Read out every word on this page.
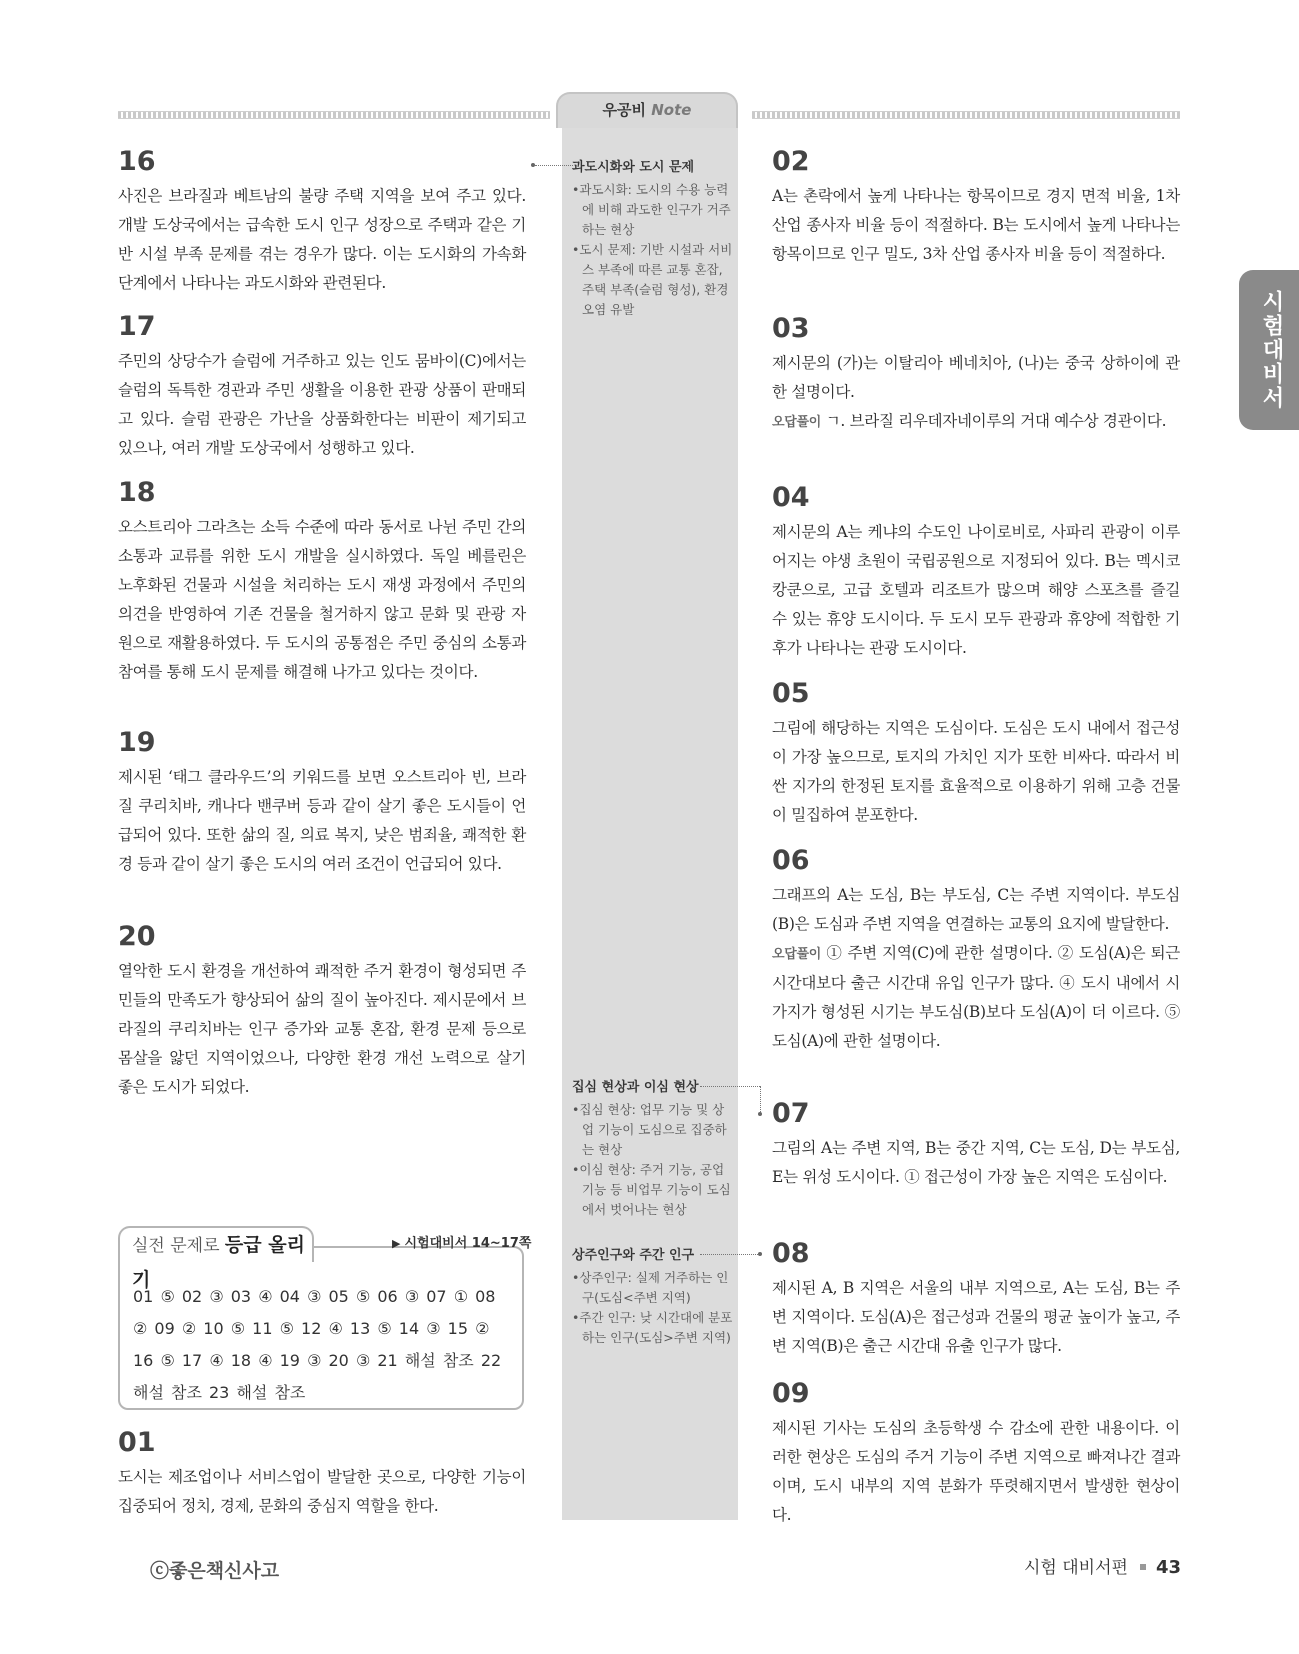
우공비 Note
과도시화와 도시 문제
•과도시화: 도시의 수용 능력에 비해 과도한 인구가 거주하는 현상
•도시 문제: 기반 시설과 서비스 부족에 따른 교통 혼잡, 주택 부족(슬럼 형성), 환경 오염 유발
집심 현상과 이심 현상
•집심 현상: 업무 기능 및 상업 기능이 도심으로 집중하는 현상
•이심 현상: 주거 기능, 공업 기능 등 비업무 기능이 도심에서 벗어나는 현상
상주인구와 주간 인구
•상주인구: 실제 거주하는 인구(도심<주변 지역)
•주간 인구: 낮 시간대에 분포하는 인구(도심>주변 지역)
시험대비서
16
사진은 브라질과 베트남의 불량 주택 지역을 보여 주고 있다. 개발 도상국에서는 급속한 도시 인구 성장으로 주택과 같은 기반 시설 부족 문제를 겪는 경우가 많다. 이는 도시화의 가속화 단계에서 나타나는 과도시화와 관련된다.
17
주민의 상당수가 슬럼에 거주하고 있는 인도 뭄바이(C)에서는 슬럼의 독특한 경관과 주민 생활을 이용한 관광 상품이 판매되고 있다. 슬럼 관광은 가난을 상품화한다는 비판이 제기되고 있으나, 여러 개발 도상국에서 성행하고 있다.
18
오스트리아 그라츠는 소득 수준에 따라 동서로 나뉜 주민 간의 소통과 교류를 위한 도시 개발을 실시하였다. 독일 베를린은 노후화된 건물과 시설을 처리하는 도시 재생 과정에서 주민의 의견을 반영하여 기존 건물을 철거하지 않고 문화 및 관광 자원으로 재활용하였다. 두 도시의 공통점은 주민 중심의 소통과 참여를 통해 도시 문제를 해결해 나가고 있다는 것이다.
19
제시된 ‘태그 클라우드’의 키워드를 보면 오스트리아 빈, 브라질 쿠리치바, 캐나다 밴쿠버 등과 같이 살기 좋은 도시들이 언급되어 있다. 또한 삶의 질, 의료 복지, 낮은 범죄율, 쾌적한 환경 등과 같이 살기 좋은 도시의 여러 조건이 언급되어 있다.
20
열악한 도시 환경을 개선하여 쾌적한 주거 환경이 형성되면 주민들의 만족도가 향상되어 삶의 질이 높아진다. 제시문에서 브라질의 쿠리치바는 인구 증가와 교통 혼잡, 환경 문제 등으로 몸살을 앓던 지역이었으나, 다양한 환경 개선 노력으로 살기 좋은 도시가 되었다.
실전 문제로 등급 올리기
▶ 시험대비서 14~17쪽
01 ⑤ 02 ③ 03 ④ 04 ③ 05 ⑤ 06 ③ 07 ① 08 ② 09 ② 10 ⑤ 11 ⑤ 12 ④ 13 ⑤ 14 ③ 15 ② 16 ⑤ 17 ④ 18 ④ 19 ③ 20 ③ 21 해설 참조 22 해설 참조 23 해설 참조
01
도시는 제조업이나 서비스업이 발달한 곳으로, 다양한 기능이 집중되어 정치, 경제, 문화의 중심지 역할을 한다.
02
A는 촌락에서 높게 나타나는 항목이므로 경지 면적 비율, 1차 산업 종사자 비율 등이 적절하다. B는 도시에서 높게 나타나는 항목이므로 인구 밀도, 3차 산업 종사자 비율 등이 적절하다.
03
제시문의 (가)는 이탈리아 베네치아, (나)는 중국 상하이에 관한 설명이다.
오답풀이 ㄱ. 브라질 리우데자네이루의 거대 예수상 경관이다.
04
제시문의 A는 케냐의 수도인 나이로비로, 사파리 관광이 이루어지는 야생 초원이 국립공원으로 지정되어 있다. B는 멕시코 캉쿤으로, 고급 호텔과 리조트가 많으며 해양 스포츠를 즐길 수 있는 휴양 도시이다. 두 도시 모두 관광과 휴양에 적합한 기후가 나타나는 관광 도시이다.
05
그림에 해당하는 지역은 도심이다. 도심은 도시 내에서 접근성이 가장 높으므로, 토지의 가치인 지가 또한 비싸다. 따라서 비싼 지가의 한정된 토지를 효율적으로 이용하기 위해 고층 건물이 밀집하여 분포한다.
06
그래프의 A는 도심, B는 부도심, C는 주변 지역이다. 부도심(B)은 도심과 주변 지역을 연결하는 교통의 요지에 발달한다.
오답풀이 ① 주변 지역(C)에 관한 설명이다. ② 도심(A)은 퇴근 시간대보다 출근 시간대 유입 인구가 많다. ④ 도시 내에서 시가지가 형성된 시기는 부도심(B)보다 도심(A)이 더 이르다. ⑤ 도심(A)에 관한 설명이다.
07
그림의 A는 주변 지역, B는 중간 지역, C는 도심, D는 부도심, E는 위성 도시이다. ① 접근성이 가장 높은 지역은 도심이다.
08
제시된 A, B 지역은 서울의 내부 지역으로, A는 도심, B는 주변 지역이다. 도심(A)은 접근성과 건물의 평균 높이가 높고, 주변 지역(B)은 출근 시간대 유출 인구가 많다.
09
제시된 기사는 도심의 초등학생 수 감소에 관한 내용이다. 이러한 현상은 도심의 주거 기능이 주변 지역으로 빠져나간 결과이며, 도시 내부의 지역 분화가 뚜렷해지면서 발생한 현상이다.
ⓒ좋은책신사고	시험 대비서편 43
